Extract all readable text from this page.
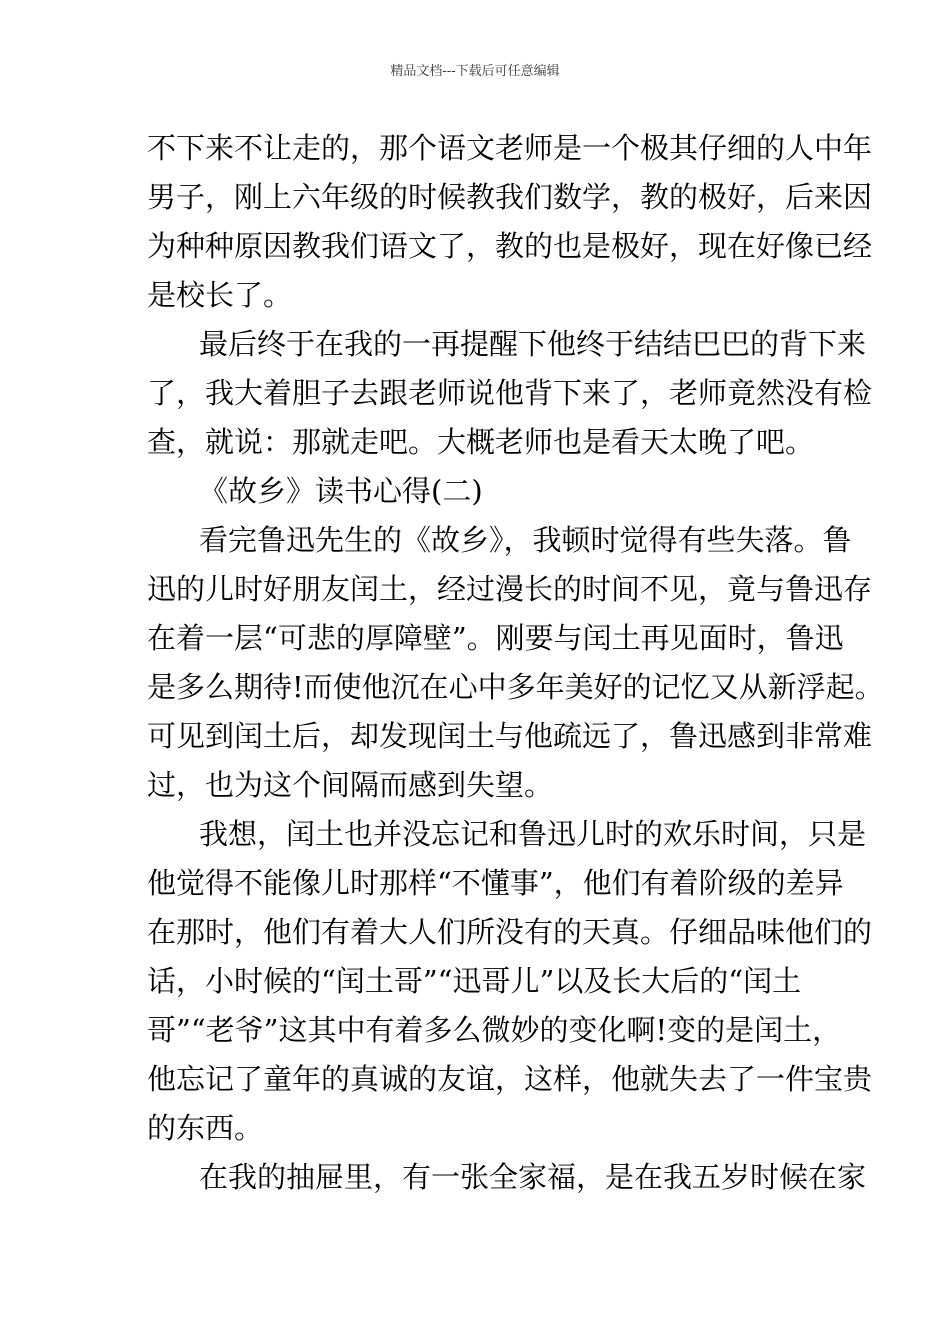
精品文档---下载后可任意编辑
不下来不让走的，那个语文老师是一个极其仔细的人中年
男子，刚上六年级的时候教我们数学，教的极好，后来因
为种种原因教我们语文了，教的也是极好，现在好像已经
是校长了。
最后终于在我的一再提醒下他终于结结巴巴的背下来
了，我大着胆子去跟老师说他背下来了，老师竟然没有检
查，就说：那就走吧。大概老师也是看天太晚了吧。
《故乡》读书心得(二)
看完鲁迅先生的《故乡》，我顿时觉得有些失落。鲁
迅的儿时好朋友闰土，经过漫长的时间不见，竟与鲁迅存
在着一层“可悲的厚障壁”。刚要与闰土再见面时，鲁迅
是多么期待!而使他沉在心中多年美好的记忆又从新浮起。
可见到闰土后，却发现闰土与他疏远了，鲁迅感到非常难
过，也为这个间隔而感到失望。
我想，闰土也并没忘记和鲁迅儿时的欢乐时间，只是
他觉得不能像儿时那样“不懂事”，他们有着阶级的差异
在那时，他们有着大人们所没有的天真。仔细品味他们的
话，小时候的“闰土哥”“迅哥儿”以及长大后的“闰土
哥”“老爷”这其中有着多么微妙的变化啊!变的是闰土，
他忘记了童年的真诚的友谊，这样，他就失去了一件宝贵
的东西。
在我的抽屉里，有一张全家福，是在我五岁时候在家
